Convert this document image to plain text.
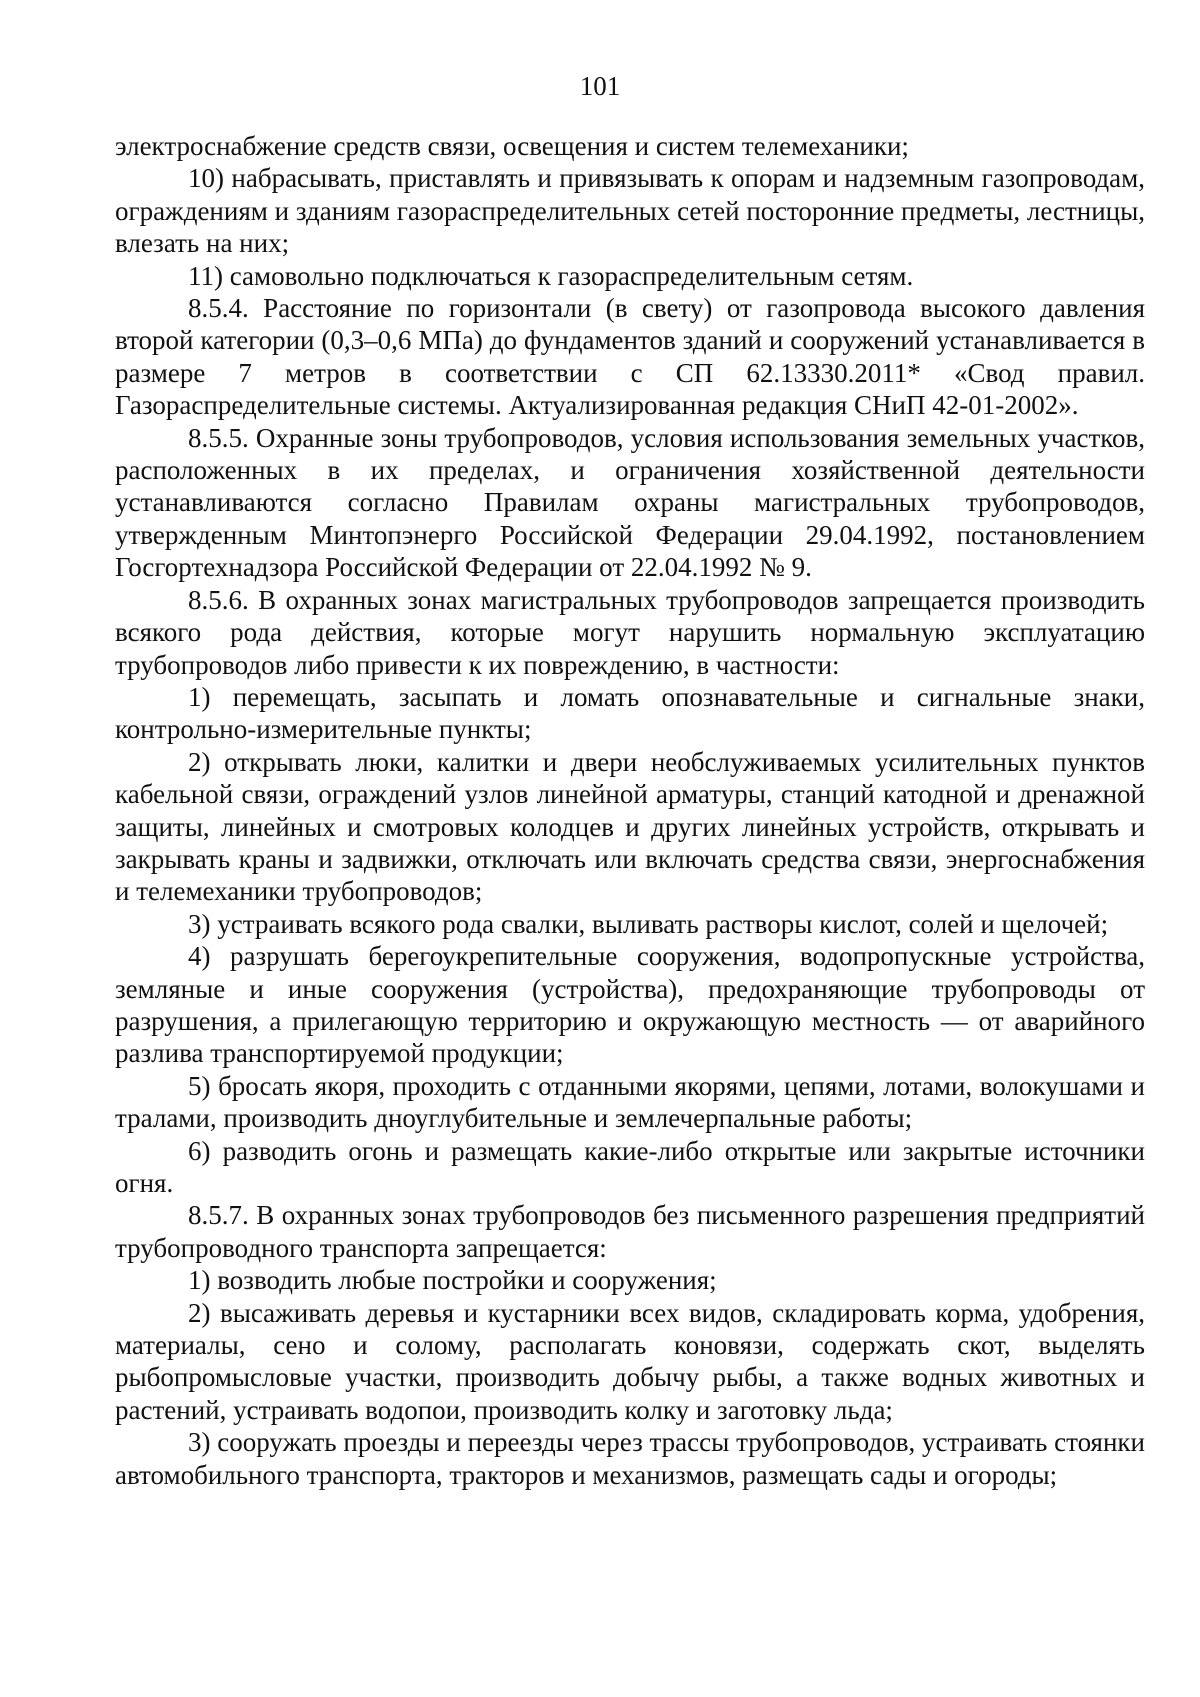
101

электроснабжение средств связи, освещения и систем телемеханики;

10) набрасывать, приставлять и привязывать к опорам и надземным газопроводам, ограждениям и зданиям газораспределительных сетей посторонние предметы, лестницы, влезать на них;

11) самовольно подключаться к газораспределительным сетям.

8.5.4. Расстояние по горизонтали (в свету) от газопровода высокого давления второй категории (0,3–0,6 МПа) до фундаментов зданий и сооружений устанавливается в размере 7 метров в соответствии с СП 62.13330.2011* «Свод правил. Газораспределительные системы. Актуализированная редакция СНиП 42-01-2002».

8.5.5. Охранные зоны трубопроводов, условия использования земельных участков, расположенных в их пределах, и ограничения хозяйственной деятельности устанавливаются согласно Правилам охраны магистральных трубопроводов, утвержденным Минтопэнерго Российской Федерации 29.04.1992, постановлением Госгортехнадзора Российской Федерации от 22.04.1992 № 9.

8.5.6. В охранных зонах магистральных трубопроводов запрещается производить всякого рода действия, которые могут нарушить нормальную эксплуатацию трубопроводов либо привести к их повреждению, в частности:

1) перемещать, засыпать и ломать опознавательные и сигнальные знаки, контрольно-измерительные пункты;

2) открывать люки, калитки и двери необслуживаемых усилительных пунктов кабельной связи, ограждений узлов линейной арматуры, станций катодной и дренажной защиты, линейных и смотровых колодцев и других линейных устройств, открывать и закрывать краны и задвижки, отключать или включать средства связи, энергоснабжения и телемеханики трубопроводов;

3) устраивать всякого рода свалки, выливать растворы кислот, солей и щелочей;

4) разрушать берегоукрепительные сооружения, водопропускные устройства, земляные и иные сооружения (устройства), предохраняющие трубопроводы от разрушения, а прилегающую территорию и окружающую местность — от аварийного разлива транспортируемой продукции;

5) бросать якоря, проходить с отданными якорями, цепями, лотами, волокушами и тралами, производить дноуглубительные и землечерпальные работы;

6) разводить огонь и размещать какие-либо открытые или закрытые источники огня.

8.5.7. В охранных зонах трубопроводов без письменного разрешения предприятий трубопроводного транспорта запрещается:

1) возводить любые постройки и сооружения;

2) высаживать деревья и кустарники всех видов, складировать корма, удобрения, материалы, сено и солому, располагать коновязи, содержать скот, выделять рыбопромысловые участки, производить добычу рыбы, а также водных животных и растений, устраивать водопои, производить колку и заготовку льда;

3) сооружать проезды и переезды через трассы трубопроводов, устраивать стоянки автомобильного транспорта, тракторов и механизмов, размещать сады и огороды;
